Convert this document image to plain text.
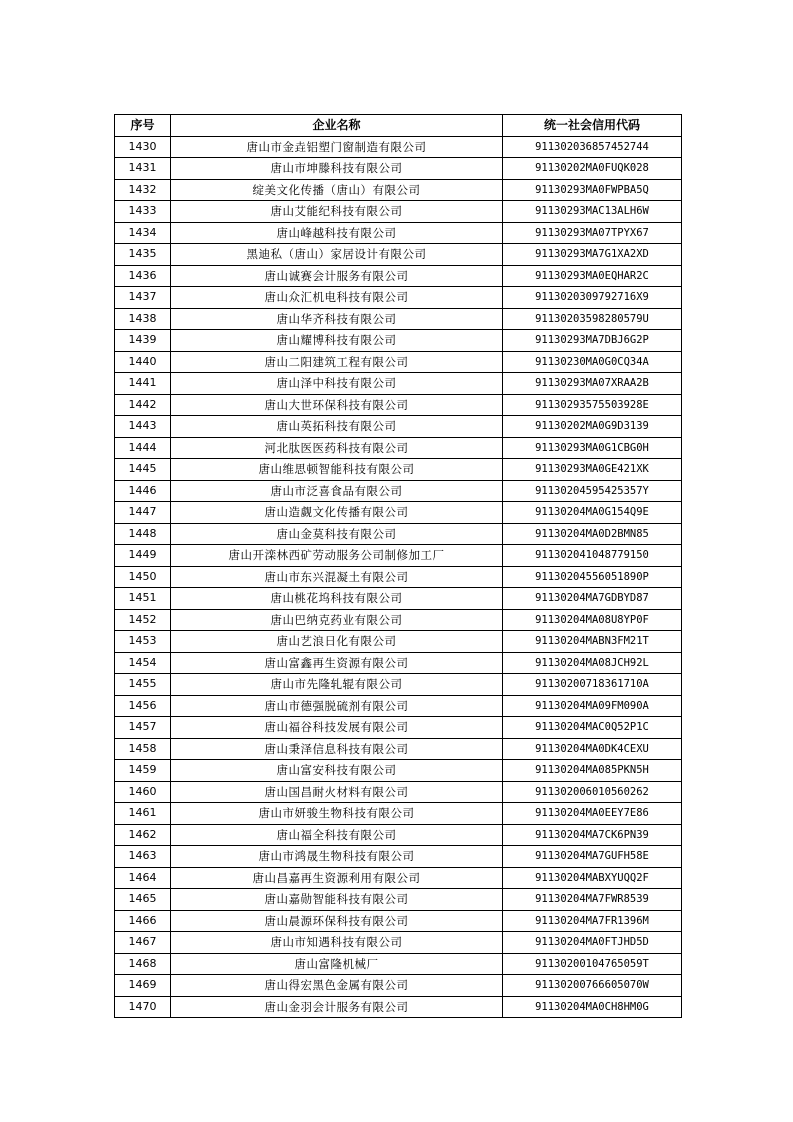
序号	企业名称	统一社会信用代码
1430	唐山市金垚铝塑门窗制造有限公司	911302036857452744
1431	唐山市坤滕科技有限公司	91130202MA0FUQK028
1432	绽美文化传播（唐山）有限公司	91130293MA0FWPBA5Q
1433	唐山艾能纪科技有限公司	91130293MAC13ALH6W
1434	唐山峰越科技有限公司	91130293MA07TPYX67
1435	黑迪私（唐山）家居设计有限公司	91130293MA7G1XA2XD
1436	唐山诚赛会计服务有限公司	91130293MA0EQHAR2C
1437	唐山众汇机电科技有限公司	9113020309792716X9
1438	唐山华齐科技有限公司	91130203598280579U
1439	唐山耀博科技有限公司	91130293MA7DBJ6G2P
1440	唐山二阳建筑工程有限公司	91130230MA0G0CQ34A
1441	唐山泽中科技有限公司	91130293MA07XRAA2B
1442	唐山大世环保科技有限公司	91130293575503928E
1443	唐山英拓科技有限公司	91130202MA0G9D3139
1444	河北肽医医药科技有限公司	91130293MA0G1CBG0H
1445	唐山维思顿智能科技有限公司	91130293MA0GE421XK
1446	唐山市泛喜食品有限公司	91130204595425357Y
1447	唐山造觑文化传播有限公司	91130204MA0G154Q9E
1448	唐山金莫科技有限公司	91130204MA0D2BMN85
1449	唐山开滦林西矿劳动服务公司制修加工厂	911302041048779150
1450	唐山市东兴混凝土有限公司	91130204556051890P
1451	唐山桃花坞科技有限公司	91130204MA7GDBYD87
1452	唐山巴纳克药业有限公司	91130204MA08U8YP0F
1453	唐山艺浪日化有限公司	91130204MABN3FM21T
1454	唐山富鑫再生资源有限公司	91130204MA08JCH92L
1455	唐山市先隆轧辊有限公司	91130200718361710A
1456	唐山市德强脱硫剂有限公司	91130204MA09FM090A
1457	唐山福谷科技发展有限公司	91130204MAC0Q52P1C
1458	唐山秉泽信息科技有限公司	91130204MA0DK4CEXU
1459	唐山富安科技有限公司	91130204MA085PKN5H
1460	唐山国昌耐火材料有限公司	911302006010560262
1461	唐山市妍骏生物科技有限公司	91130204MA0EEY7E86
1462	唐山福全科技有限公司	91130204MA7CK6PN39
1463	唐山市鸿晟生物科技有限公司	91130204MA7GUFH58E
1464	唐山昌嘉再生资源利用有限公司	91130204MABXYUQQ2F
1465	唐山嘉勋智能科技有限公司	91130204MA7FWR8539
1466	唐山晨源环保科技有限公司	91130204MA7FR1396M
1467	唐山市知遇科技有限公司	91130204MA0FTJHD5D
1468	唐山富隆机械厂	91130200104765059T
1469	唐山得宏黑色金属有限公司	91130200766605070W
1470	唐山金羽会计服务有限公司	91130204MA0CH8HM0G
